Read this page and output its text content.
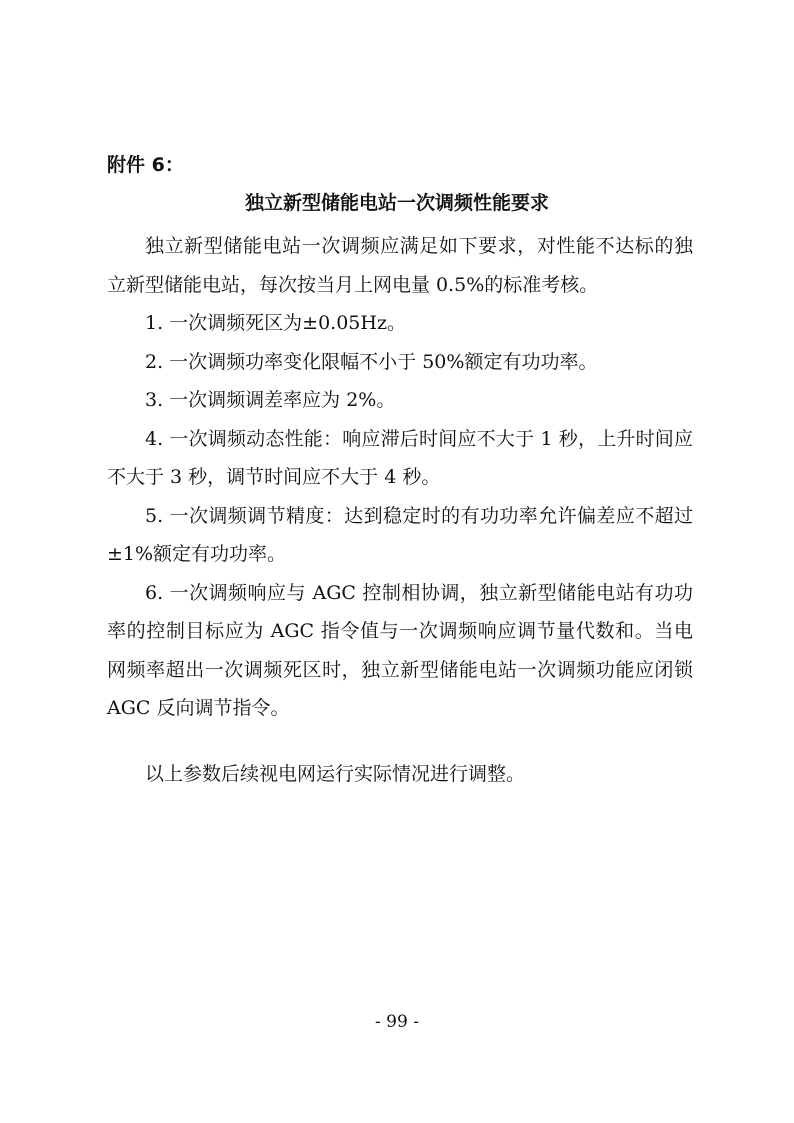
附件 6：
独立新型储能电站一次调频性能要求

独立新型储能电站一次调频应满足如下要求，对性能不达标的独立新型储能电站，每次按当月上网电量 0.5%的标准考核。

1. 一次调频死区为±0.05Hz。

2. 一次调频功率变化限幅不小于 50%额定有功功率。

3. 一次调频调差率应为 2%。

4. 一次调频动态性能：响应滞后时间应不大于 1 秒，上升时间应不大于 3 秒，调节时间应不大于 4 秒。

5. 一次调频调节精度：达到稳定时的有功功率允许偏差应不超过±1%额定有功功率。

6. 一次调频响应与 AGC 控制相协调，独立新型储能电站有功功率的控制目标应为 AGC 指令值与一次调频响应调节量代数和。当电网频率超出一次调频死区时，独立新型储能电站一次调频功能应闭锁 AGC 反向调节指令。

以上参数后续视电网运行实际情况进行调整。

- 99 -
